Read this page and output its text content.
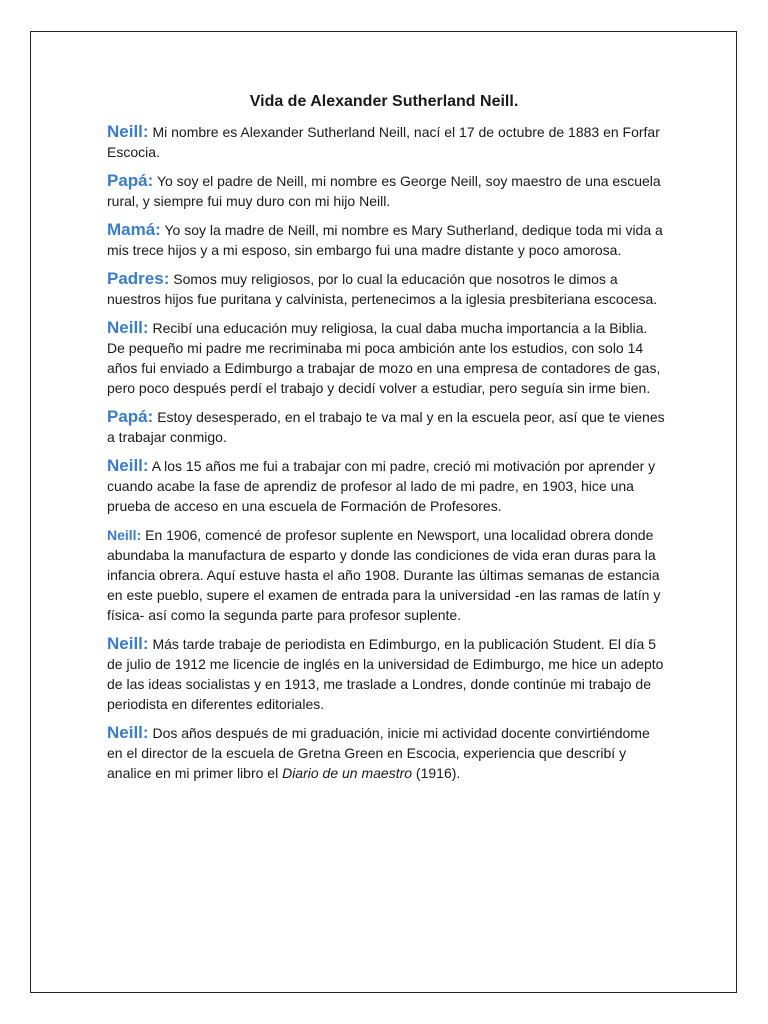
Vida de Alexander Sutherland Neill.

Neill: Mi nombre es Alexander Sutherland Neill, nací el 17 de octubre de 1883 en Forfar Escocia.

Papá: Yo soy el padre de Neill, mi nombre es George Neill, soy maestro de una escuela rural, y siempre fui muy duro con mi hijo Neill.

Mamá: Yo soy la madre de Neill, mi nombre es Mary Sutherland, dedique toda mi vida a mis trece hijos y a mi esposo, sin embargo fui una madre distante y poco amorosa.

Padres: Somos muy religiosos, por lo cual la educación que nosotros le dimos a nuestros hijos fue puritana y calvinista, pertenecimos a la iglesia presbiteriana escocesa.

Neill: Recibí una educación muy religiosa, la cual daba mucha importancia a la Biblia. De pequeño mi padre me recriminaba mi poca ambición ante los estudios, con solo 14 años fui enviado a Edimburgo a trabajar de mozo en una empresa de contadores de gas, pero poco después perdí el trabajo y decidí volver a estudiar, pero seguía sin irme bien.

Papá: Estoy desesperado, en el trabajo te va mal y en la escuela peor, así que te vienes a trabajar conmigo.

Neill: A los 15 años me fui a trabajar con mi padre, creció mi motivación por aprender y cuando acabe la fase de aprendiz de profesor al lado de mi padre, en 1903, hice una prueba de acceso en una escuela de Formación de Profesores.

Neill: En 1906, comencé de profesor suplente en Newsport, una localidad obrera donde abundaba la manufactura de esparto y donde las condiciones de vida eran duras para la infancia obrera. Aquí estuve hasta el año 1908. Durante las últimas semanas de estancia en este pueblo, supere el examen de entrada para la universidad -en las ramas de latín y física- así como la segunda parte para profesor suplente.

Neill: Más tarde trabaje de periodista en Edimburgo, en la publicación Student. El día 5 de julio de 1912 me licencie de inglés en la universidad de Edimburgo, me hice un adepto de las ideas socialistas y en 1913, me traslade a Londres, donde continúe mi trabajo de periodista en diferentes editoriales.

Neill: Dos años después de mi graduación, inicie mi actividad docente convirtiéndome en el director de la escuela de Gretna Green en Escocia, experiencia que describí y analice en mi primer libro el Diario de un maestro (1916).
